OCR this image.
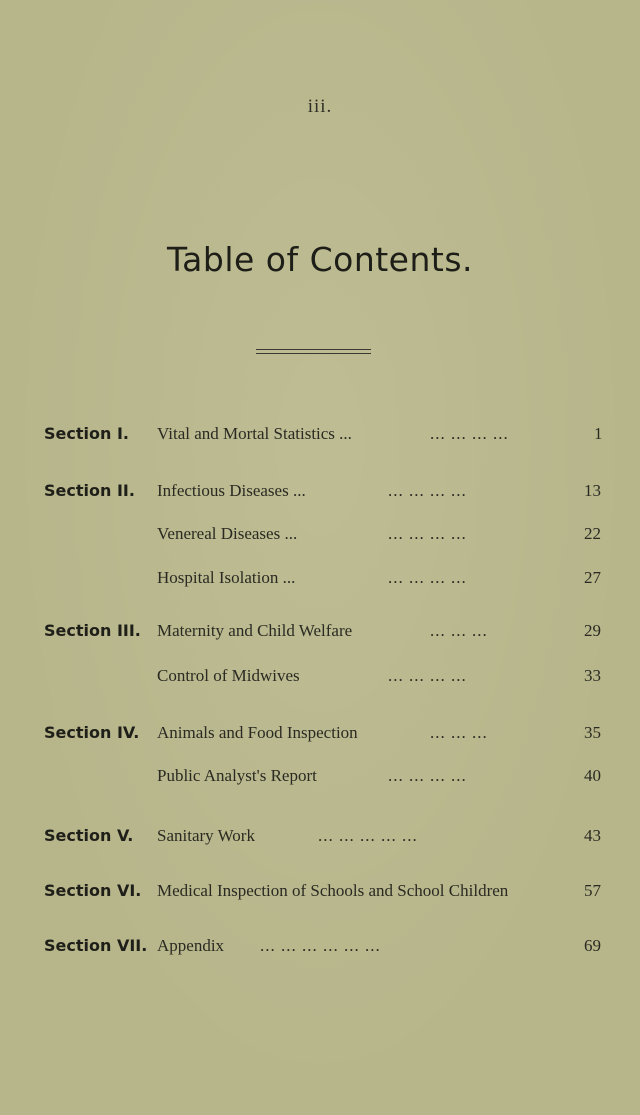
iii.
Table of Contents.
Section I. Vital and Mortal Statistics ...	... ... ... ...	1
Section II. Infectious Diseases ...	... ... ... ...	13
Venereal Diseases ...	... ... ... ...	22
Hospital Isolation ...	... ... ... ...	27
Section III. Maternity and Child Welfare	... ... ...	29
Control of Midwives	... ... ... ...	33
Section IV. Animals and Food Inspection	... ... ...	35
Public Analyst's Report	... ... ... ...	40
Section V. Sanitary Work	... ... ... ... ...	43
Section VI. Medical Inspection of Schools and School Children	57
Section VII. Appendix ... ... ... ... ... ...	69
